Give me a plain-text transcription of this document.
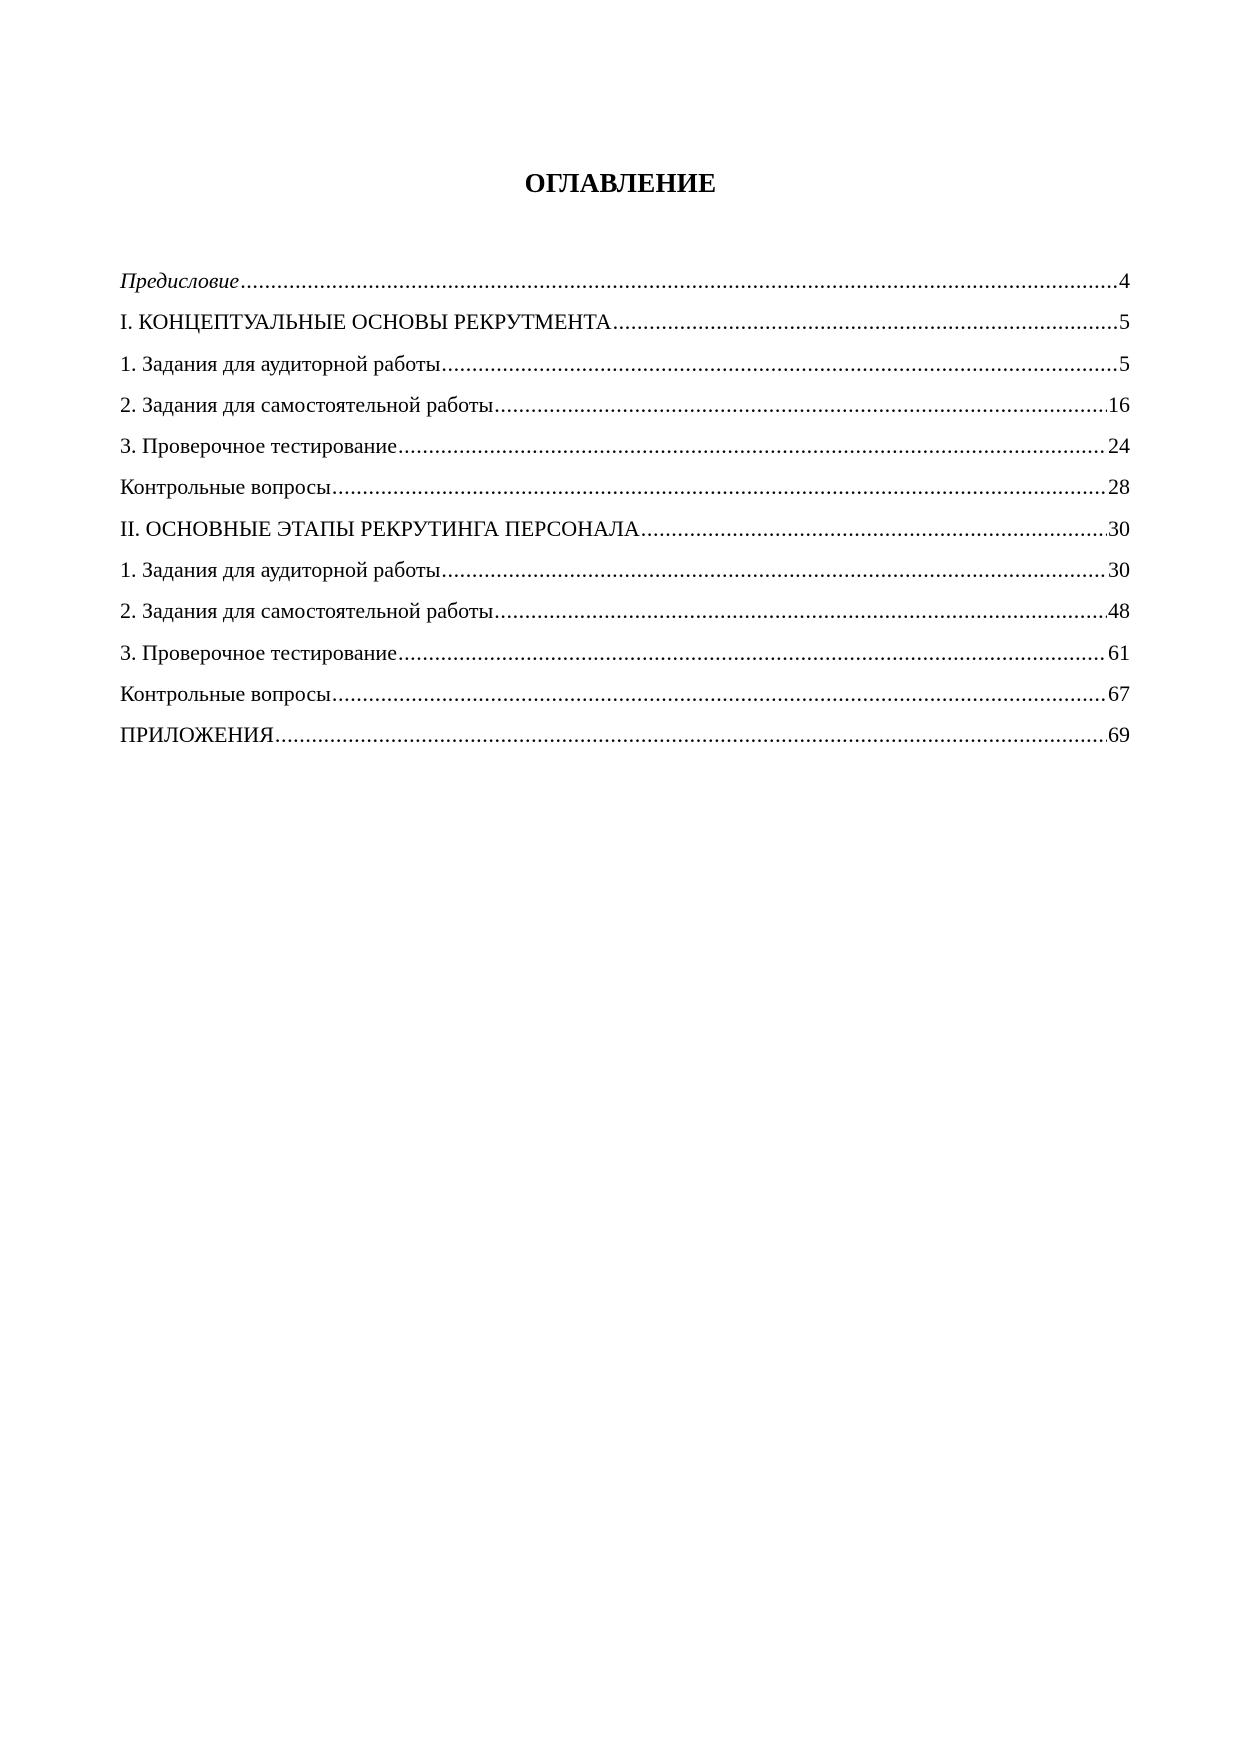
ОГЛАВЛЕНИЕ
Предисловие .....	4
I. КОНЦЕПТУАЛЬНЫЕ ОСНОВЫ РЕКРУТМЕНТА .....	5
1. Задания для аудиторной работы .....	5
2. Задания для самостоятельной работы .....	16
3. Проверочное тестирование .....	24
Контрольные вопросы .....	28
II. ОСНОВНЫЕ ЭТАПЫ РЕКРУТИНГА ПЕРСОНАЛА .....	30
1. Задания для аудиторной работы .....	30
2. Задания для самостоятельной работы .....	48
3. Проверочное тестирование .....	61
Контрольные вопросы .....	67
ПРИЛОЖЕНИЯ .....	69
